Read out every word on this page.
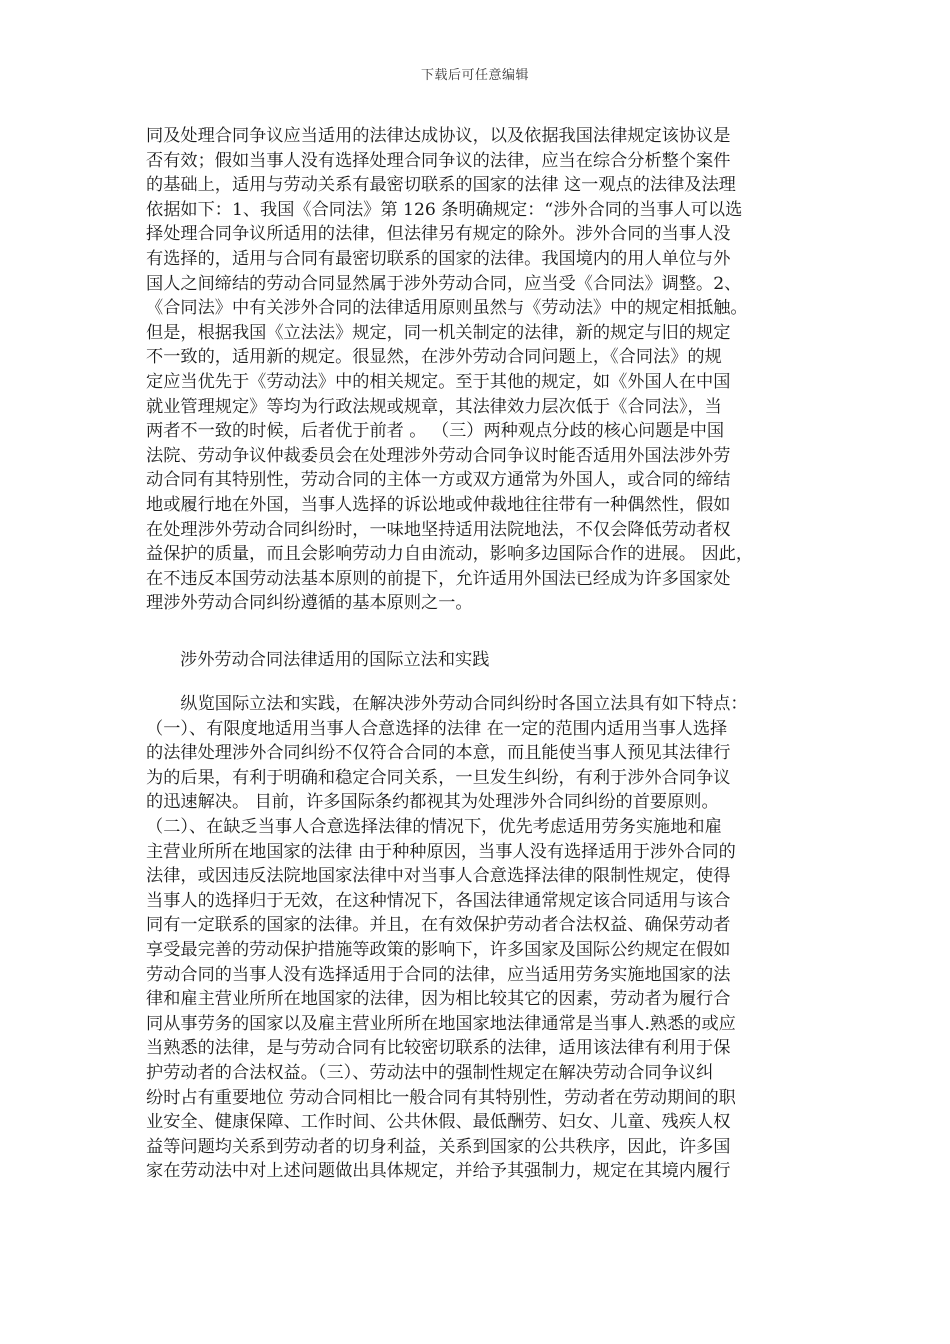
下载后可任意编辑
同及处理合同争议应当适用的法律达成协议，以及依据我国法律规定该协议是
否有效；假如当事人没有选择处理合同争议的法律，应当在综合分析整个案件
的基础上，适用与劳动关系有最密切联系的国家的法律 这一观点的法律及法理
依据如下：1、我国《合同法》第 126 条明确规定：“涉外合同的当事人可以选
择处理合同争议所适用的法律，但法律另有规定的除外。涉外合同的当事人没
有选择的，适用与合同有最密切联系的国家的法律。我国境内的用人单位与外
国人之间缔结的劳动合同显然属于涉外劳动合同，应当受《合同法》调整。2、
《合同法》中有关涉外合同的法律适用原则虽然与《劳动法》中的规定相抵触。
但是，根据我国《立法法》规定，同一机关制定的法律，新的规定与旧的规定
不一致的，适用新的规定。很显然，在涉外劳动合同问题上，《合同法》的规
定应当优先于《劳动法》中的相关规定。至于其他的规定，如《外国人在中国
就业管理规定》等均为行政法规或规章，其法律效力层次低于《合同法》，当
两者不一致的时候，后者优于前者 。 （三）两种观点分歧的核心问题是中国
法院、劳动争议仲裁委员会在处理涉外劳动合同争议时能否适用外国法涉外劳
动合同有其特别性，劳动合同的主体一方或双方通常为外国人，或合同的缔结
地或履行地在外国，当事人选择的诉讼地或仲裁地往往带有一种偶然性，假如
在处理涉外劳动合同纠纷时，一味地坚持适用法院地法，不仅会降低劳动者权
益保护的质量，而且会影响劳动力自由流动，影响多边国际合作的进展。 因此，
在不违反本国劳动法基本原则的前提下，允许适用外国法已经成为许多国家处
理涉外劳动合同纠纷遵循的基本原则之一。
涉外劳动合同法律适用的国际立法和实践
　　纵览国际立法和实践，在解决涉外劳动合同纠纷时各国立法具有如下特点：
（一）、有限度地适用当事人合意选择的法律 在一定的范围内适用当事人选择
的法律处理涉外合同纠纷不仅符合合同的本意，而且能使当事人预见其法律行
为的后果，有利于明确和稳定合同关系，一旦发生纠纷，有利于涉外合同争议
的迅速解决。 目前，许多国际条约都视其为处理涉外合同纠纷的首要原则。
（二）、在缺乏当事人合意选择法律的情况下，优先考虑适用劳务实施地和雇
主营业所所在地国家的法律 由于种种原因，当事人没有选择适用于涉外合同的
法律，或因违反法院地国家法律中对当事人合意选择法律的限制性规定，使得
当事人的选择归于无效，在这种情况下，各国法律通常规定该合同适用与该合
同有一定联系的国家的法律。并且，在有效保护劳动者合法权益、确保劳动者
享受最完善的劳动保护措施等政策的影响下，许多国家及国际公约规定在假如
劳动合同的当事人没有选择适用于合同的法律，应当适用劳务实施地国家的法
律和雇主营业所所在地国家的法律，因为相比较其它的因素，劳动者为履行合
同从事劳务的国家以及雇主营业所所在地国家地法律通常是当事人.熟悉的或应
当熟悉的法律，是与劳动合同有比较密切联系的法律，适用该法律有利用于保
护劳动者的合法权益。（三）、劳动法中的强制性规定在解决劳动合同争议纠
纷时占有重要地位 劳动合同相比一般合同有其特别性，劳动者在劳动期间的职
业安全、健康保障、工作时间、公共休假、最低酬劳、妇女、儿童、残疾人权
益等问题均关系到劳动者的切身利益，关系到国家的公共秩序，因此，许多国
家在劳动法中对上述问题做出具体规定，并给予其强制力，规定在其境内履行
